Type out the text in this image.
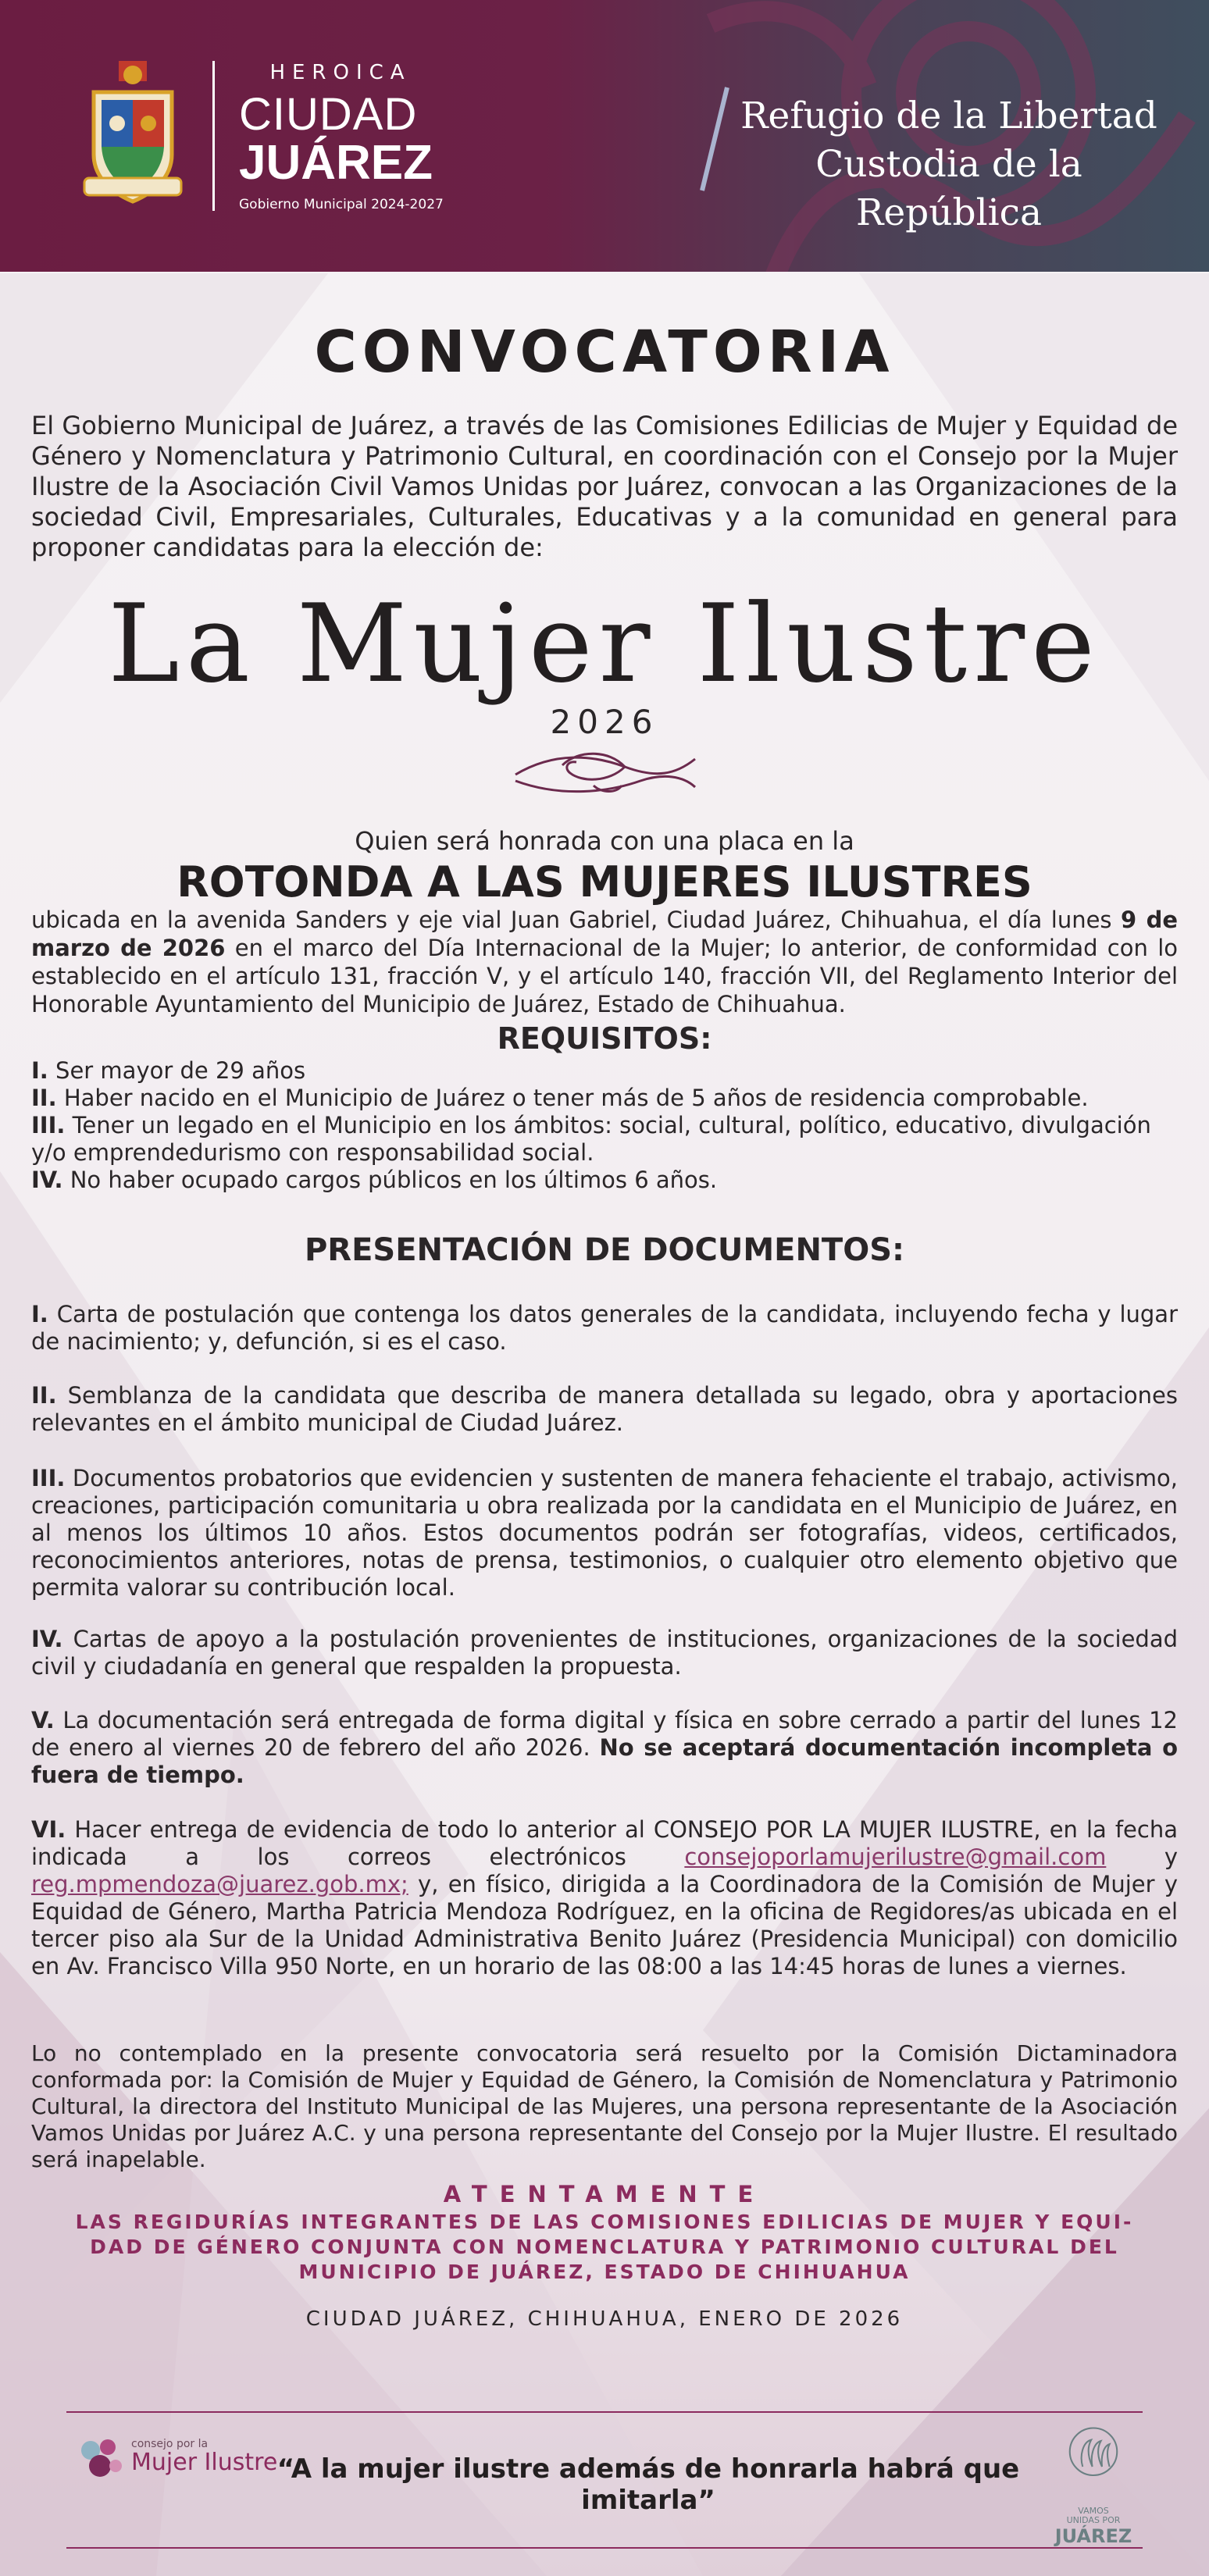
HEROICA
CIUDAD
JUÁREZ
Gobierno Municipal 2024-2027
Refugio de la Libertad
Custodia de la República
CONVOCATORIA
El Gobierno Municipal de Juárez, a través de las Comisiones Edilicias de Mujer y Equidad de Género y Nomenclatura y Patrimonio Cultural, en coordinación con el Consejo por la Mujer Ilustre de la Asociación Civil Vamos Unidas por Juárez, convocan a las Organizaciones de la sociedad Civil, Empresariales, Culturales, Educativas y a la comunidad en general para proponer candidatas para la elección de:
La Mujer Ilustre
2026
Quien será honrada con una placa en la
ROTONDA A LAS MUJERES ILUSTRES
ubicada en la avenida Sanders y eje vial Juan Gabriel, Ciudad Juárez, Chihuahua, el día lunes 9 de marzo de 2026 en el marco del Día Internacional de la Mujer; lo anterior, de conformidad con lo establecido en el artículo 131, fracción V, y el artículo 140, fracción VII, del Reglamento Interior del Honorable Ayuntamiento del Municipio de Juárez, Estado de Chihuahua.
REQUISITOS:
I. Ser mayor de 29 años
II. Haber nacido en el Municipio de Juárez o tener más de 5 años de residencia comprobable.
III. Tener un legado en el Municipio en los ámbitos: social, cultural, político, educativo, divulgación y/o emprendedurismo con responsabilidad social.
IV. No haber ocupado cargos públicos en los últimos 6 años.
PRESENTACIÓN DE DOCUMENTOS:
I. Carta de postulación que contenga los datos generales de la candidata, incluyendo fecha y lugar de nacimiento; y, defunción, si es el caso.
II. Semblanza de la candidata que describa de manera detallada su legado, obra y aportaciones relevantes en el ámbito municipal de Ciudad Juárez.
III. Documentos probatorios que evidencien y sustenten de manera fehaciente el trabajo, activismo, creaciones, participación comunitaria u obra realizada por la candidata en el Municipio de Juárez, en al menos los últimos 10 años. Estos documentos podrán ser fotografías, videos, certificados, reconocimientos anteriores, notas de prensa, testimonios, o cualquier otro elemento objetivo que permita valorar su contribución local.
IV. Cartas de apoyo a la postulación provenientes de instituciones, organizaciones de la sociedad civil y ciudadanía en general que respalden la propuesta.
V. La documentación será entregada de forma digital y física en sobre cerrado a partir del lunes 12 de enero al viernes 20 de febrero del año 2026. No se aceptará documentación incompleta o fuera de tiempo.
VI. Hacer entrega de evidencia de todo lo anterior al CONSEJO POR LA MUJER ILUSTRE, en la fecha indicada a los correos electrónicos consejoporlamujerilustre@gmail.com y reg.mpmendoza@juarez.gob.mx; y, en físico, dirigida a la Coordinadora de la Comisión de Mujer y Equidad de Género, Martha Patricia Mendoza Rodríguez, en la oficina de Regidores/as ubicada en el tercer piso ala Sur de la Unidad Administrativa Benito Juárez (Presidencia Municipal) con domicilio en Av. Francisco Villa 950 Norte, en un horario de las 08:00 a las 14:45 horas de lunes a viernes.
Lo no contemplado en la presente convocatoria será resuelto por la Comisión Dictaminadora conformada por: la Comisión de Mujer y Equidad de Género, la Comisión de Nomenclatura y Patrimonio Cultural, la directora del Instituto Municipal de las Mujeres, una persona representante de la Asociación Vamos Unidas por Juárez A.C. y una persona representante del Consejo por la Mujer Ilustre. El resultado será inapelable.
ATENTAMENTE
LAS REGIDURÍAS INTEGRANTES DE LAS COMISIONES EDILICIAS DE MUJER Y EQUI-
DAD DE GÉNERO CONJUNTA CON NOMENCLATURA Y PATRIMONIO CULTURAL DEL
MUNICIPIO DE JUÁREZ, ESTADO DE CHIHUAHUA
CIUDAD JUÁREZ, CHIHUAHUA, ENERO DE 2026
consejo por la
Mujer Ilustre “A la mujer ilustre además de honrarla habrá que imitarla”	VAMOS
UNIDAS POR
JUÁREZ
